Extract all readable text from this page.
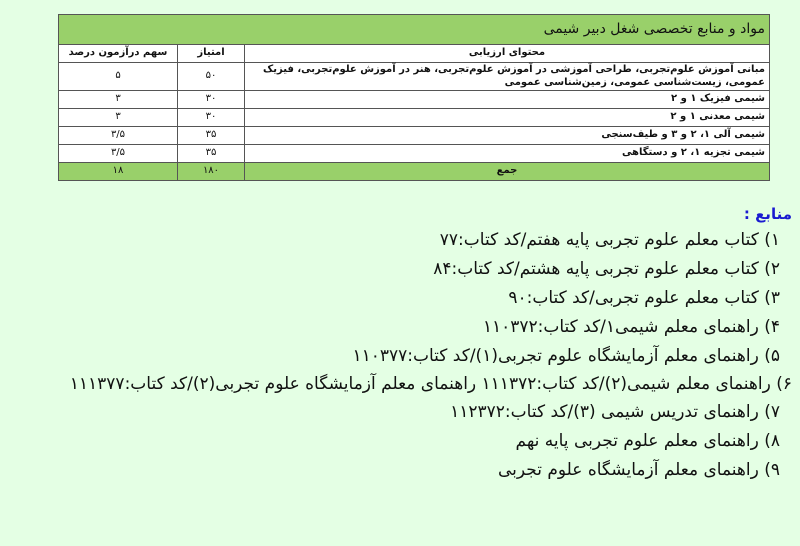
مواد و منابع تخصصی شغل دبیر شیمی		
محتوای ارزیابی	امتیاز	سهم درآزمون درصد
مبانی آموزش علوم‌تجربی، طراحی آموزشی در آموزش علوم‌تجربی، هنر در آموزش علوم‌تجربی، فیزیک عمومی، زیست‌شناسی عمومی، زمین‌شناسی عمومی	۵۰	۵
شیمی فیزیک ۱ و ۲	۳۰	۳
شیمی معدنی ۱ و ۲	۳۰	۳
شیمی آلی ۱، ۲ و ۳ و طیف‌سنجی	۳۵	۳/۵
شیمی تجزیه ۱، ۲ و دستگاهی	۳۵	۳/۵
جمع	۱۸۰	۱۸
منابع :
۱) کتاب معلم علوم تجربی پایه هفتم/کد کتاب:۷۷
۲) کتاب معلم علوم تجربی پایه هشتم/کد کتاب:۸۴
۳) کتاب معلم علوم تجربی/کد کتاب:۹۰
۴) راهنمای معلم شیمی۱/کد کتاب:۱۱۰۳۷۲
۵) راهنمای معلم آزمایشگاه علوم تجربی(۱)/کد کتاب:۱۱۰۳۷۷
۶) راهنمای معلم شیمی(۲)/کد کتاب:۱۱۱۳۷۲ راهنمای معلم آزمایشگاه علوم تجربی(۲)/کد کتاب:۱۱۱۳۷۷
۷) راهنمای تدریس شیمی (۳)/کد کتاب:۱۱۲۳۷۲
۸) راهنمای معلم علوم تجربی پایه نهم
۹) راهنمای معلم آزمایشگاه علوم تجربی
